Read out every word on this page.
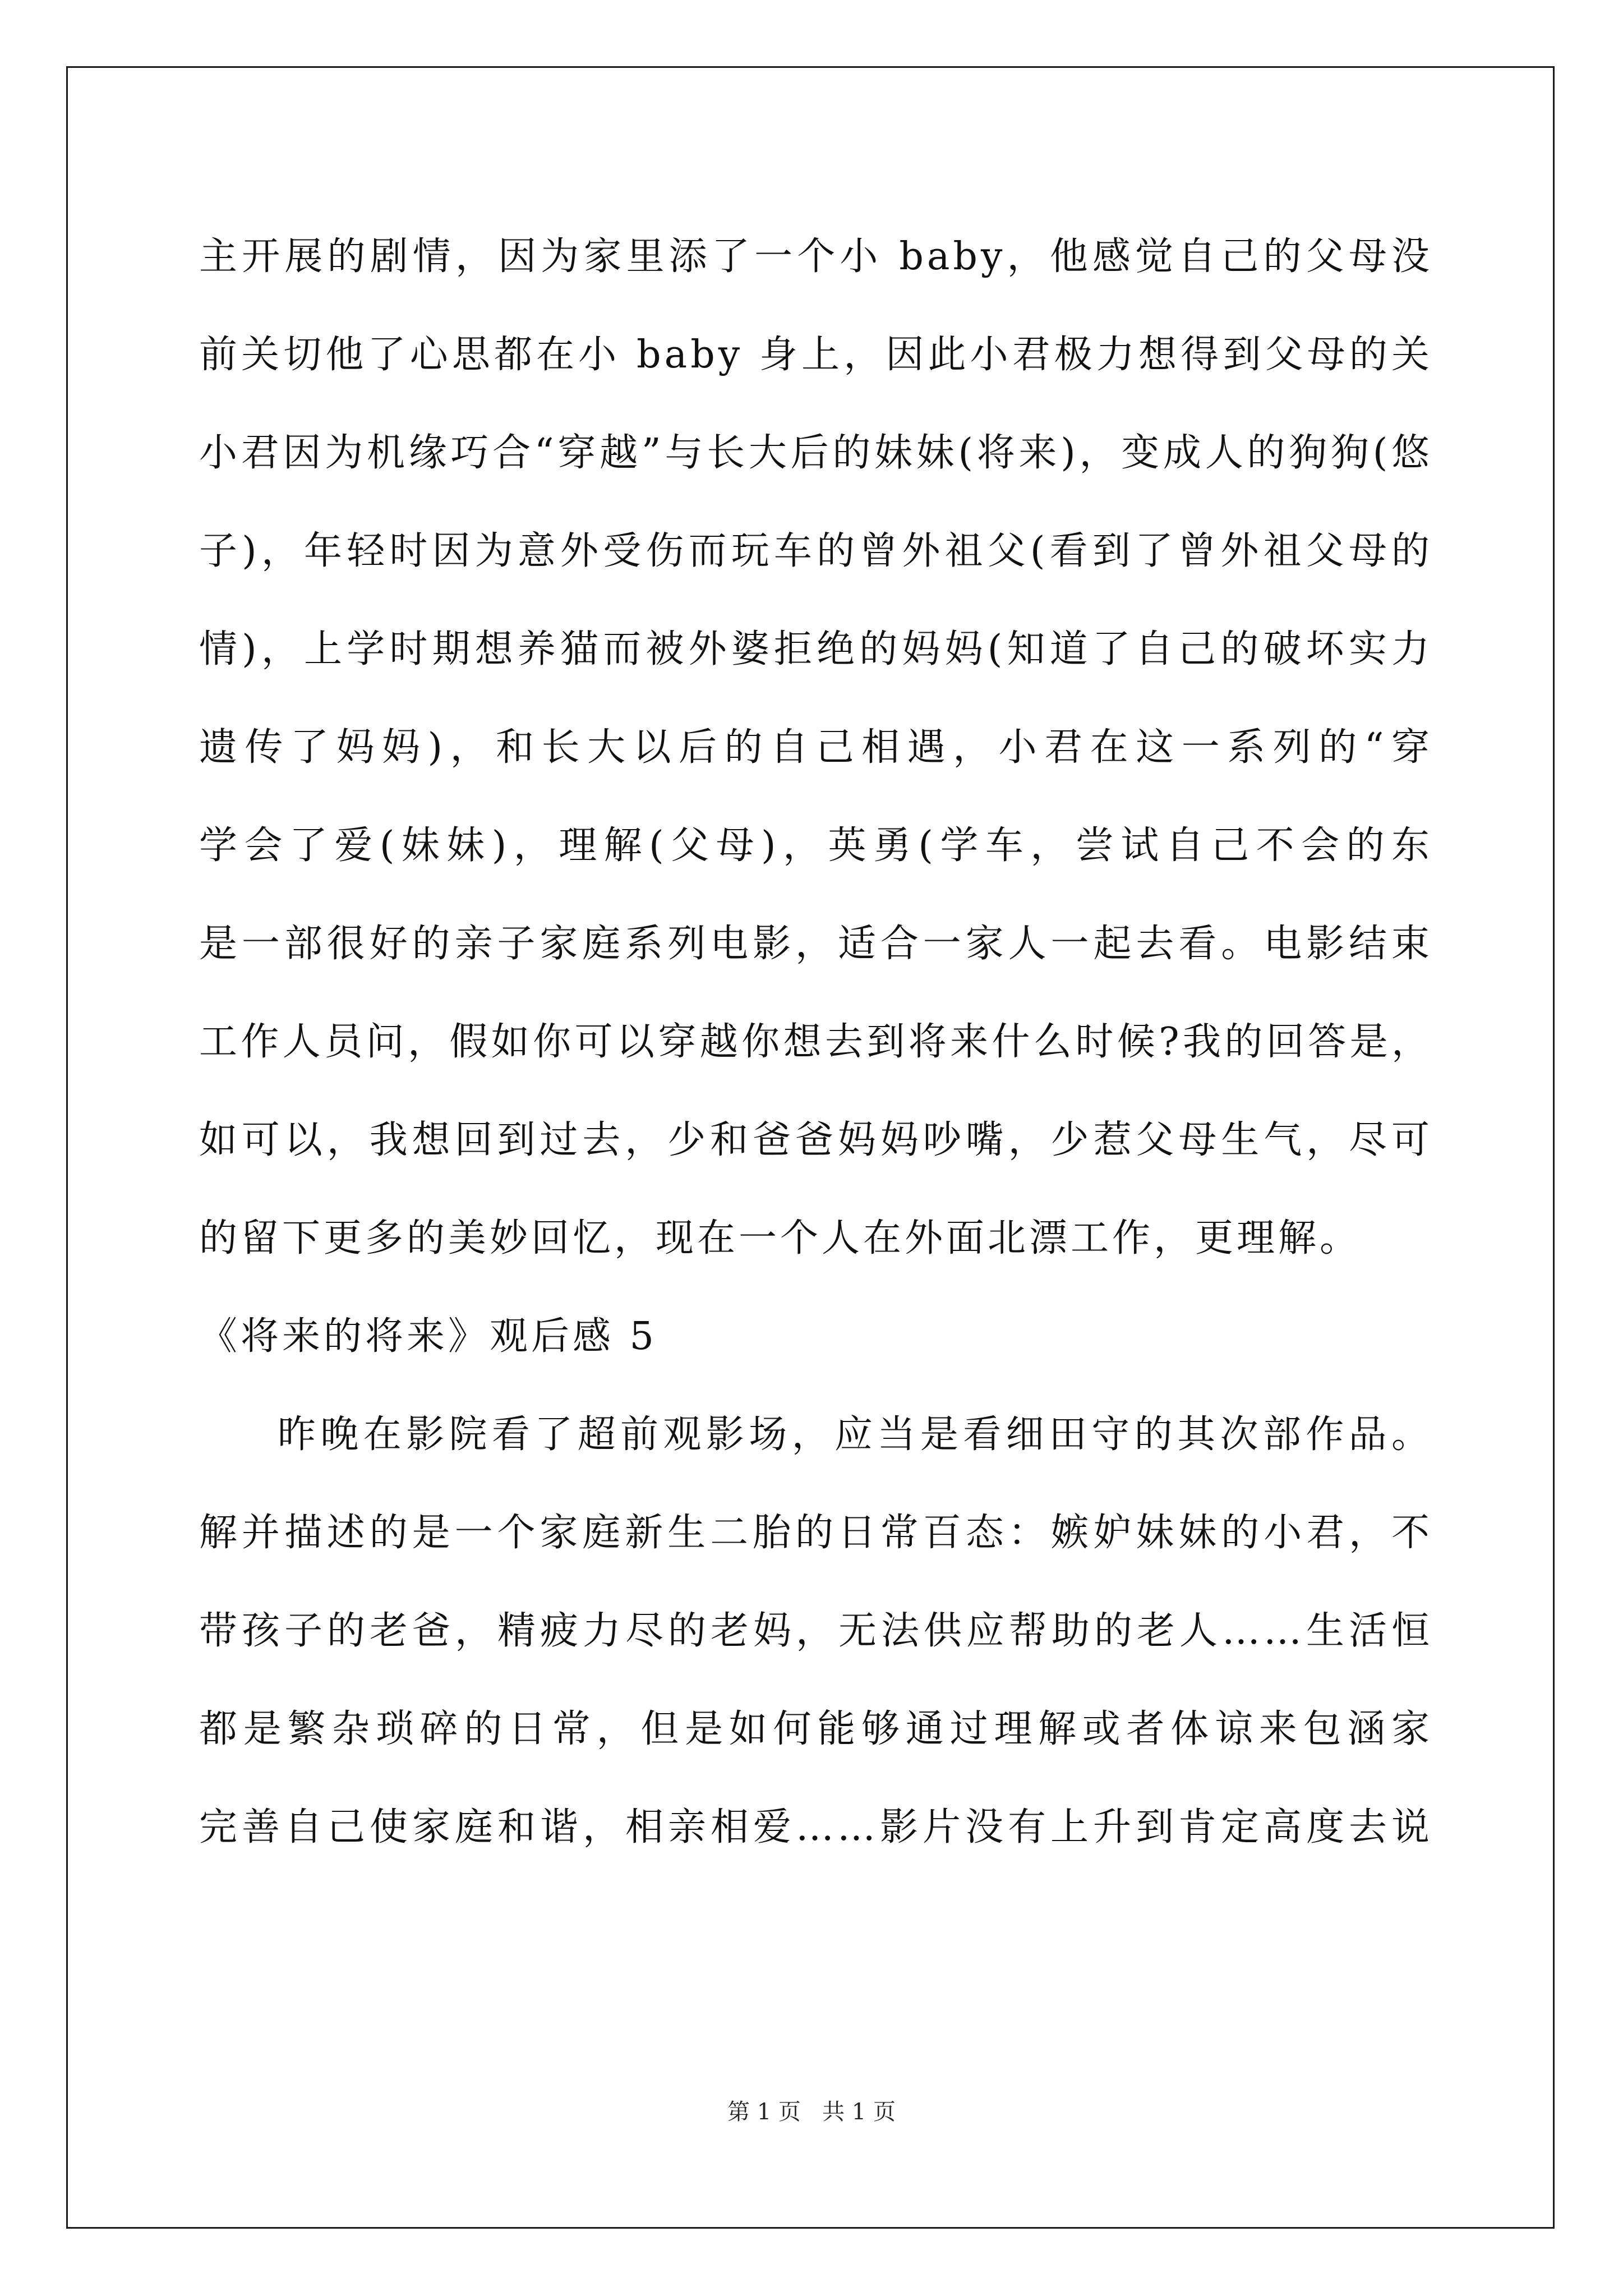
主开展的剧情，因为家里添了一个小 baby，他感觉自己的父母没
前关切他了心思都在小 baby 身上，因此小君极力想得到父母的关
小君因为机缘巧合“穿越”与长大后的妹妹(将来)，变成人的狗狗(悠
子)，年轻时因为意外受伤而玩车的曾外祖父(看到了曾外祖父母的
情)，上学时期想养猫而被外婆拒绝的妈妈(知道了自己的破坏实力
遗传了妈妈)，和长大以后的自己相遇，小君在这一系列的“穿
学会了爱(妹妹)，理解(父母)，英勇(学车，尝试自己不会的东
是一部很好的亲子家庭系列电影，适合一家人一起去看。电影结束
工作人员问，假如你可以穿越你想去到将来什么时候?我的回答是，
如可以，我想回到过去，少和爸爸妈妈吵嘴，少惹父母生气，尽可
的留下更多的美妙回忆，现在一个人在外面北漂工作，更理解。
《将来的将来》观后感 5
昨晚在影院看了超前观影场，应当是看细田守的其次部作品。
解并描述的是一个家庭新生二胎的日常百态：嫉妒妹妹的小君，不
带孩子的老爸，精疲力尽的老妈，无法供应帮助的老人……生活恒
都是繁杂琐碎的日常，但是如何能够通过理解或者体谅来包涵家
完善自己使家庭和谐，相亲相爱……影片没有上升到肯定高度去说
第 1 页   共 1 页
